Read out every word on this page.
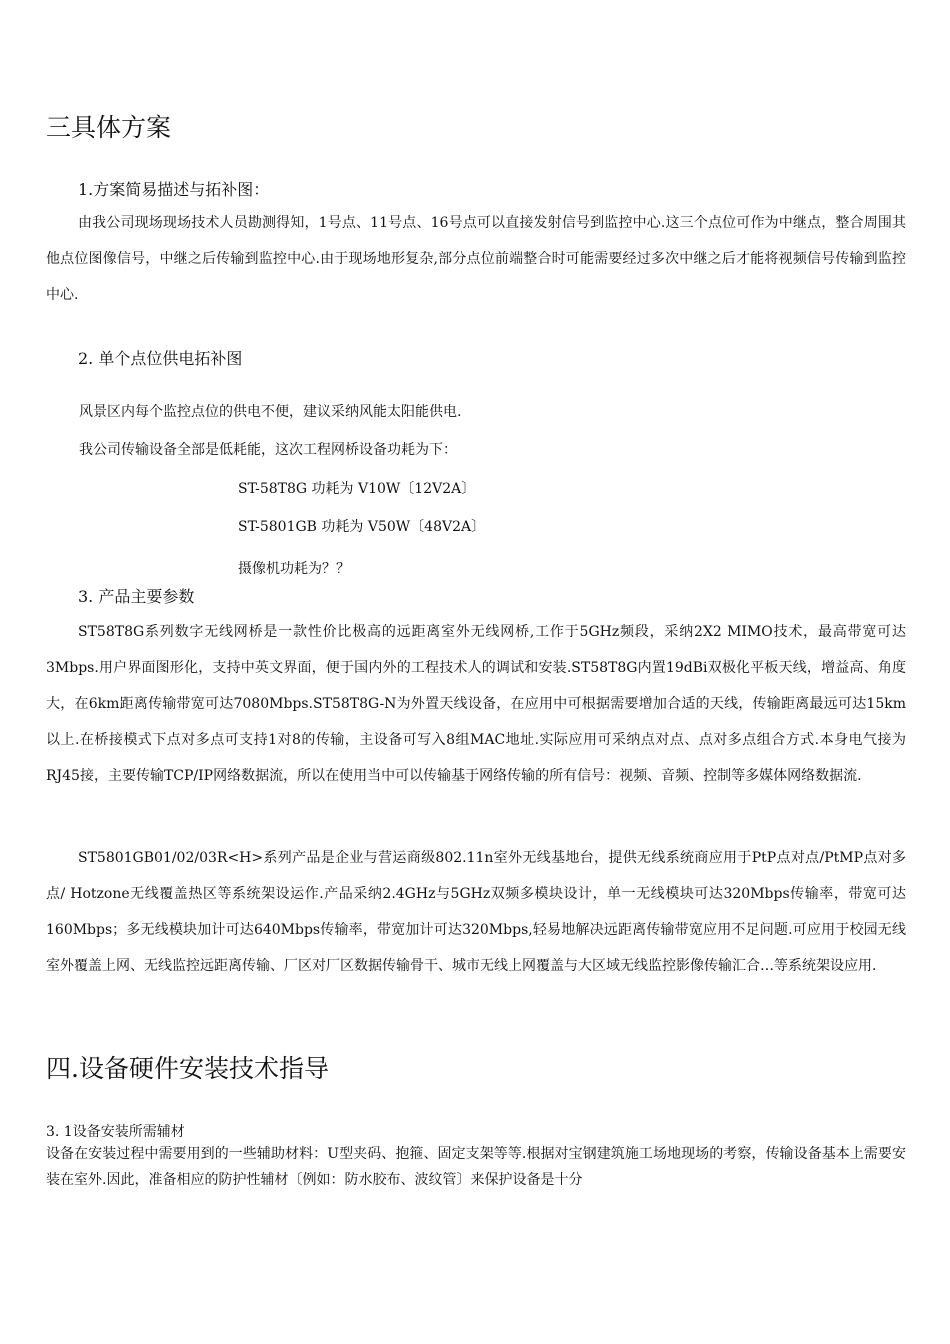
三具体方案
1.方案简易描述与拓补图：

由我公司现场现场技术人员勘测得知，1号点、11号点、16号点可以直接发射信号到监控中心.这三个点位可作为中继点，整合周围其他点位图像信号，中继之后传输到监控中心.由于现场地形复杂,部分点位前端整合时可能需要经过多次中继之后才能将视频信号传输到监控中心.

2. 单个点位供电拓补图

风景区内每个监控点位的供电不便，建议采纳风能太阳能供电.

我公司传输设备全部是低耗能，这次工程网桥设备功耗为下：

ST-58T8G 功耗为 V10W〔12V2A〕

ST-5801GB 功耗为 V50W〔48V2A〕

摄像机功耗为？？

3. 产品主要参数

ST58T8G系列数字无线网桥是一款性价比极高的远距离室外无线网桥,工作于5GHz频段，采纳2X2 MIMO技术，最高带宽可达3Mbps.用户界面图形化，支持中英文界面，便于国内外的工程技术人的调试和安装.ST58T8G内置19dBi双极化平板天线，增益高、角度大，在6km距离传输带宽可达7080Mbps.ST58T8G-N为外置天线设备，在应用中可根据需要增加合适的天线，传输距离最远可达15km以上.在桥接模式下点对多点可支持1对8的传输，主设备可写入8组MAC地址.实际应用可采纳点对点、点对多点组合方式.本身电气接为RJ45接，主要传输TCP/IP网络数据流，所以在使用当中可以传输基于网络传输的所有信号：视频、音频、控制等多媒体网络数据流.

ST5801GB01/02/03R<H>系列产品是企业与营运商级802.11n室外无线基地台，提供无线系统商应用于PtP点对点/PtMP点对多点/ Hotzone无线覆盖热区等系统架设运作.产品采纳2.4GHz与5GHz双频多模块设计，单一无线模块可达320Mbps传输率，带宽可达160Mbps；多无线模块加计可达640Mbps传输率，带宽加计可达320Mbps,轻易地解决远距离传输带宽应用不足问题.可应用于校园无线室外覆盖上网、无线监控远距离传输、厂区对厂区数据传输骨干、城市无线上网覆盖与大区域无线监控影像传输汇合…等系统架设应用.

四.设备硬件安装技术指导
3. 1设备安装所需辅材

设备在安装过程中需要用到的一些辅助材料：U型夹码、抱箍、固定支架等等.根据对宝钢建筑施工场地现场的考察，传输设备基本上需要安装在室外.因此，准备相应的防护性辅材〔例如：防水胶布、波纹管〕来保护设备是十分
